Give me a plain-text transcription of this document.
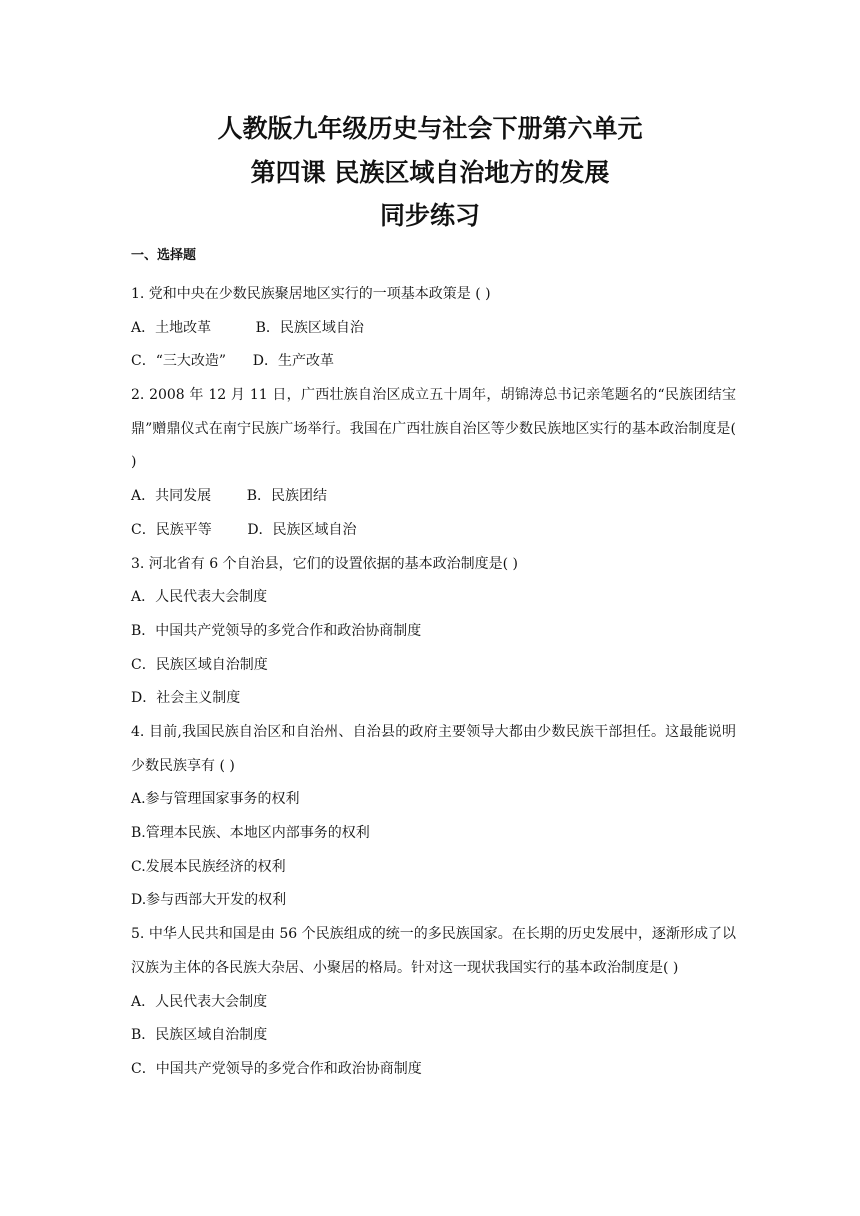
人教版九年级历史与社会下册第六单元
第四课 民族区域自治地方的发展
同步练习
一、选择题
1. 党和中央在少数民族聚居地区实行的一项基本政策是 ( )
A．土地改革          B．民族区域自治
C．“三大改造”      D．生产改革
2. 2008 年 12 月 11 日，广西壮族自治区成立五十周年，胡锦涛总书记亲笔题名的“民族团结宝鼎”赠鼎仪式在南宁民族广场举行。我国在广西壮族自治区等少数民族地区实行的基本政治制度是( )
A．共同发展        B．民族团结
C．民族平等        D．民族区域自治
3. 河北省有 6 个自治县，它们的设置依据的基本政治制度是( )
A．人民代表大会制度
B．中国共产党领导的多党合作和政治协商制度
C．民族区域自治制度
D．社会主义制度
4. 目前,我国民族自治区和自治州、自治县的政府主要领导大都由少数民族干部担任。这最能说明少数民族享有 ( )
A.参与管理国家事务的权利
B.管理本民族、本地区内部事务的权利
C.发展本民族经济的权利
D.参与西部大开发的权利
5. 中华人民共和国是由 56 个民族组成的统一的多民族国家。在长期的历史发展中，逐渐形成了以汉族为主体的各民族大杂居、小聚居的格局。针对这一现状我国实行的基本政治制度是( )
A．人民代表大会制度
B．民族区域自治制度
C．中国共产党领导的多党合作和政治协商制度
